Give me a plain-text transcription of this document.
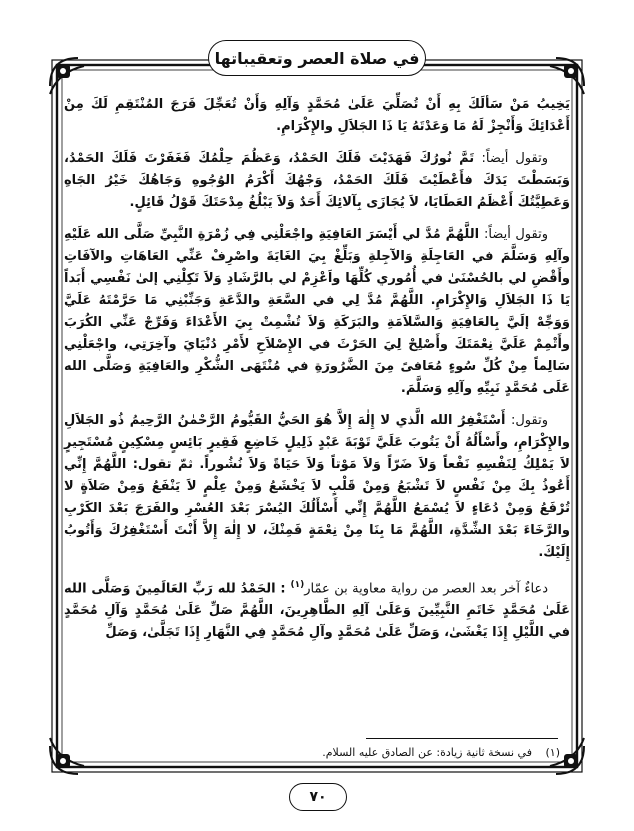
في صلاة العصر وتعقيباتها

يَخِيبُ مَنْ سَألَكَ بِهِ أَنْ تُصَلِّيَ عَلَىٰ مُحَمَّدٍ وَآلِهِ وَأَنْ تُعَجِّلَ فَرَجَ المُنْتَقِمِ لَكَ مِنْ أَعْدَائِكَ وَأَنْجِزْ لَهُ مَا وَعَدْتَهُ يَا ذَا الجَلاَلِ والإِكْرَامِ.

وتقول أيضاً: تَمَّ نُورُكَ فَهَدَيْتَ فَلَكَ الحَمْدُ، وَعَظُمَ حِلْمُكَ فَغَفَرْتَ فَلَكَ الحَمْدُ، وَبَسَطْتَ يَدَكَ فأَعْطَيْتَ فَلَكَ الحَمْدُ، وَجْهُكَ أَكْرَمُ الوُجُوهِ وَجَاهُكَ خَيْرُ الجَاهِ وَعَطِيَّتُكَ أَعْظَمُ العَطَايَا، لاَ يُجَازَى بِآلائِكَ أَحَدٌ وَلاَ يَبْلُغُ مِدْحَتَكَ قَوْلُ قَائِلٍ.

وتقول أيضاً: اللَّهُمَّ مُدَّ لي أَيْسَرَ العَافِيَةِ واجْعَلْنِي فِي زُمْرَةِ النَّبِيِّ صَلَّى الله عَلَيْهِ وآلِهِ وَسَلَّمَ في العَاجِلَةِ وَالآجِلةِ وَبَلِّغْ بِيَ الغَايَةَ واصْرِفْ عَنِّي العَاهَاتِ والآفَاتِ وأَقْضِ لي بالحُسْنَىٰ في أُمُوري كُلِّهَا واَعْزِمْ لي بالرَّشَادِ وَلاَ تَكِلْنِي إلىٰ نَفْسِي أَبَداً يَا ذَا الجَلاَلِ وَالإِكْرَامِ. اللَّهُمَّ مُدَّ لِي في السَّعَةِ والدَّعَةِ وَجَنِّبْنِي مَا حَرَّمْتَهُ عَلَيَّ وَوَجِّهْ إلَيَّ بِالعَافِيَةِ وَالسَّلاَمَةِ والبَرَكَةِ وَلاَ تُشْمِتْ بِيَ الأَعْدَاءَ وَفَرِّجْ عَنِّي الكُرَبَ وأَتْمِمْ عَلَيَّ نِعْمَتَكَ وأَصْلِحْ لِيَ الحَرْثَ في الإِصْلاَحِ لأَمْرِ دُنْيَايَ وآخِرَتِي، واجْعَلْنِي سَالِماً مِنْ كُلِّ سُوءٍ مُعَافىً مِنَ الضَّرُورَةِ في مُنْتَهَى الشُّكْرِ والعَافِيَةِ وَصَلَّى الله عَلَى مُحَمَّدٍ نَبِيِّهِ وآلِهِ وَسَلَّمَ.

وتقول: أَسْتَغْفِرُ الله الَّذي لا إِلٰهَ إِلاَّ هُوَ الحَيُّ القَيُّومُ الرَّحْمٰنُ الرَّحِيمُ ذُو الجَلاَلِ والإِكْرَامِ، وأَسْأَلُهُ أَنْ يَتُوبَ عَلَيَّ تَوْبَةَ عَبْدٍ ذَلِيلٍ خَاضِعٍ فَقِيرٍ بَائِسٍ مِسْكِينٍ مُسْتَجِيرٍ لاَ يَمْلِكُ لِنَفْسِهِ نَفْعاً وَلاَ ضَرّاً وَلاَ مَوْتاً وَلاَ حَيَاةً وَلاَ نُشُوراً. ثمّ تقول: اللَّهُمَّ إِنِّي أَعُوذُ بِكَ مِنْ نَفْسٍ لاَ تَشْبَعُ وَمِنْ قَلْبٍ لاَ يَخْشَعُ وَمِنْ عِلْمٍ لاَ يَنْفَعُ وَمِنْ صَلاَةٍ لا تُرْفَعُ وَمِنْ دُعَاءٍ لاَ يُسْمَعُ اللَّهُمَّ إِنِّي أَسْأَلُكَ اليُسْرَ بَعْدَ العُسْرِ والفَرَجَ بَعْدَ الكَرْبِ والرَّخَاءَ بَعْدَ الشِّدَّةِ، اللَّهُمَّ مَا بِنَا مِنْ نِعْمَةٍ فَمِنْكَ، لا إِلٰهَ إِلاَّ أَنْتَ أَسْتَغْفِرُكَ وَأَتُوبُ إِلَيْكَ.

دعاءٌ آخر بعد العصر من رواية معاوية بن عمّار$^{(١)}$ : الحَمْدُ لله رَبِّ العَالَمِينَ وَصَلَّى الله عَلَىٰ مُحَمَّدٍ خَاتَمِ النَّبِيِّينَ وَعَلَىٰ آلِهِ الطَّاهِرِينَ، اللَّهُمَّ صَلِّ عَلَىٰ مُحَمَّدٍ وَآلِ مُحَمَّدٍ في اللَّيْلِ إِذَا يَغْشَىٰ، وَصَلِّ عَلَىٰ مُحَمَّدٍ وآلِ مُحَمَّدٍ فِي النَّهَارِ إِذَا تَجَلَّىٰ، وَصَلِّ

(١) في نسخة ثانية زيادة: عن الصادق عليه السلام.
٧٠
